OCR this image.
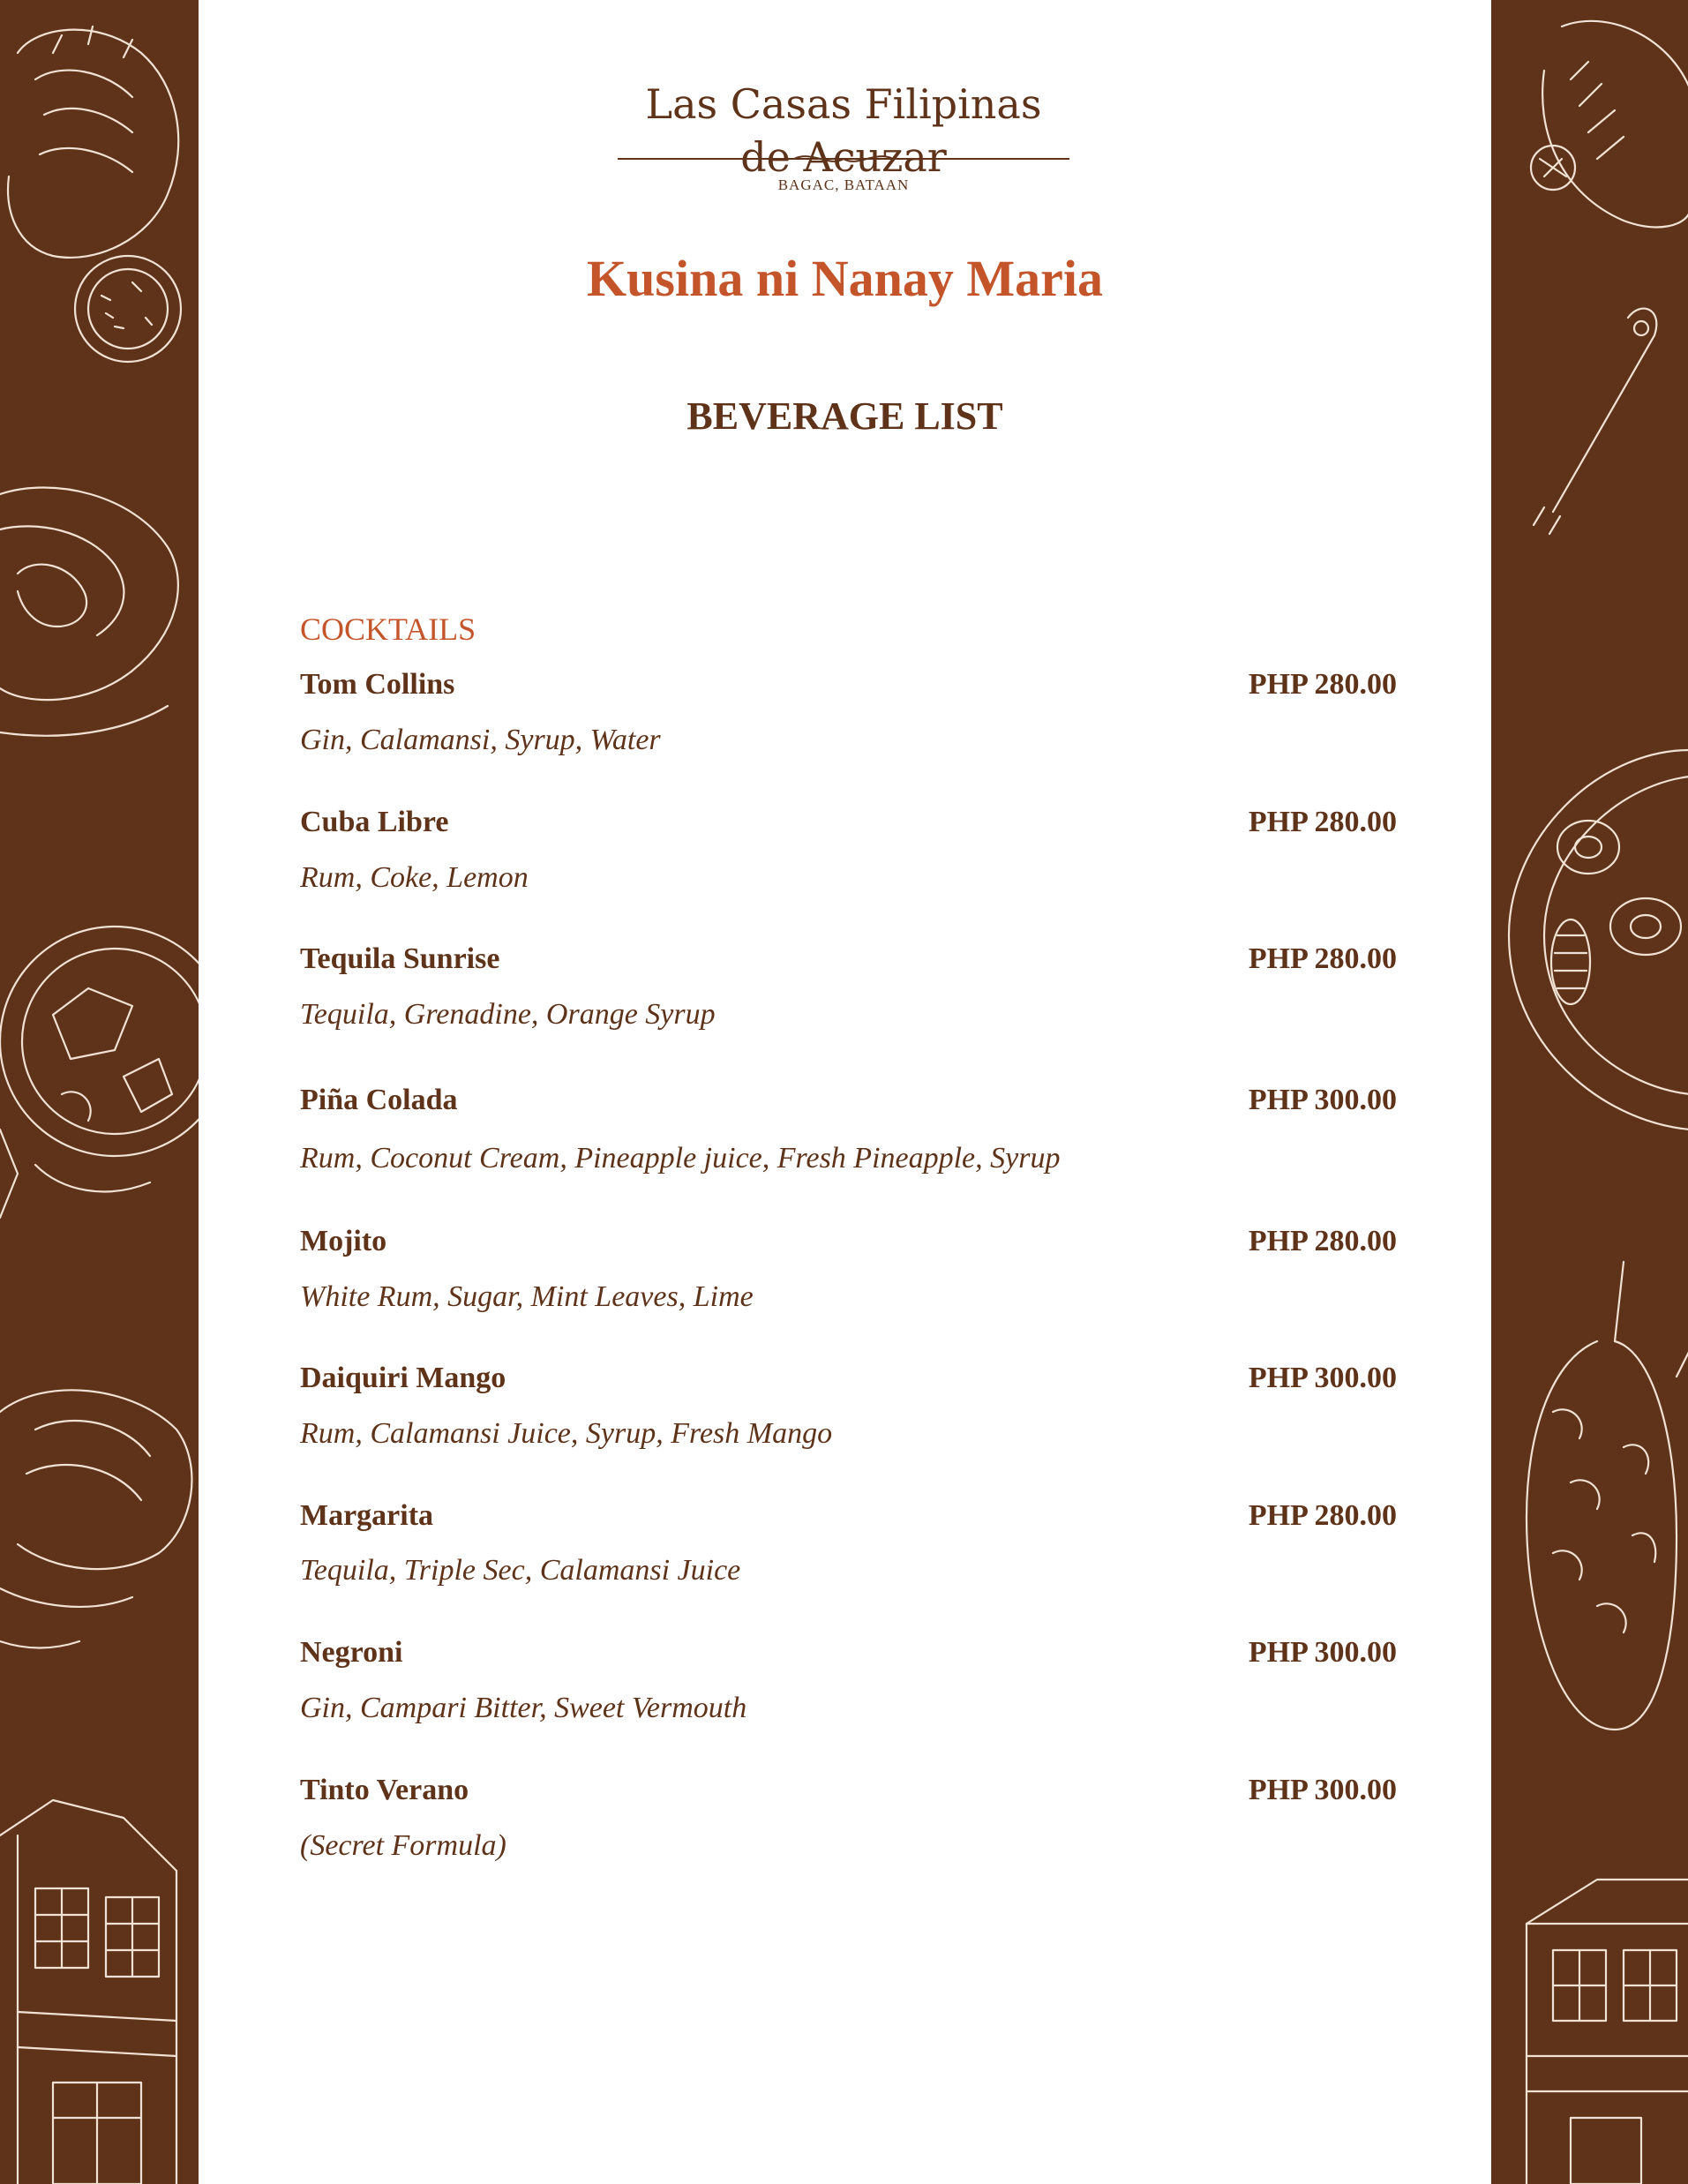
Las Casas Filipinas de Acuzar
BAGAC, BATAAN
Kusina ni Nanay Maria
BEVERAGE LIST
COCKTAILS
Tom Collins	PHP 280.00
Gin, Calamansi, Syrup, Water
Cuba Libre	PHP 280.00
Rum, Coke, Lemon
Tequila Sunrise	PHP 280.00
Tequila, Grenadine, Orange Syrup
Piña Colada	PHP 300.00
Rum, Coconut Cream, Pineapple juice, Fresh Pineapple, Syrup
Mojito	PHP 280.00
White Rum, Sugar, Mint Leaves, Lime
Daiquiri Mango	PHP 300.00
Rum, Calamansi Juice, Syrup, Fresh Mango
Margarita	PHP 280.00
Tequila, Triple Sec, Calamansi Juice
Negroni	PHP 300.00
Gin, Campari Bitter, Sweet Vermouth
Tinto Verano	PHP 300.00
(Secret Formula)
